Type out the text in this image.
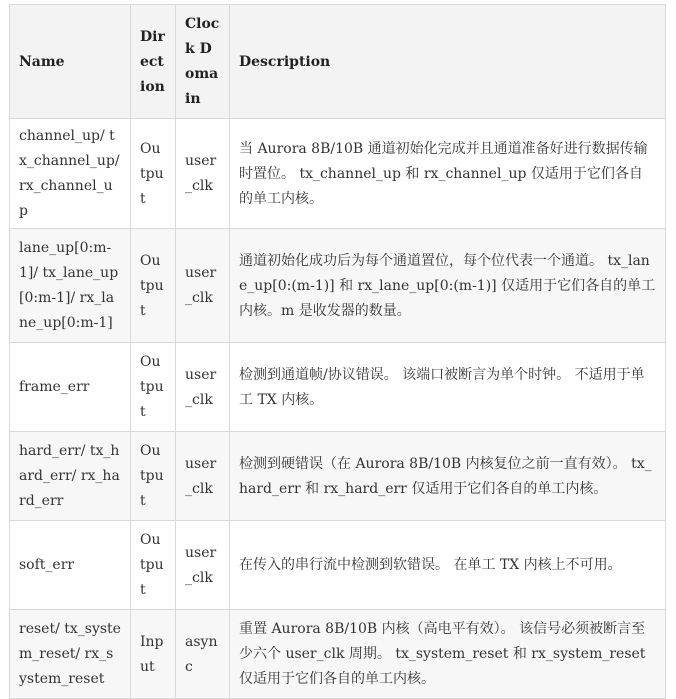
Name	Direction	Clock Domain	Description
channel_up/ tx_channel_up/ rx_channel_up	Output	user_clk	当 Aurora 8B/10B 通道初始化完成并且通道准备好进行数据传输时置位。 tx_channel_up 和 rx_channel_up 仅适用于它们各自的单工内核。
lane_up[0:m-1]/ tx_lane_up[0:m-1]/ rx_lane_up[0:m-1]	Output	user_clk	通道初始化成功后为每个通道置位，每个位代表一个通道。 tx_lane_up[0:(m-1)] 和 rx_lane_up[0:(m-1)] 仅适用于它们各自的单工内核。m 是收发器的数量。
frame_err	Output	user_clk	检测到通道帧/协议错误。 该端口被断言为单个时钟。 不适用于单工 TX 内核。
hard_err/ tx_hard_err/ rx_hard_err	Output	user_clk	检测到硬错误（在 Aurora 8B/10B 内核复位之前一直有效）。 tx_hard_err 和 rx_hard_err 仅适用于它们各自的单工内核。
soft_err	Output	user_clk	在传入的串行流中检测到软错误。 在单工 TX 内核上不可用。
reset/ tx_system_reset/ rx_system_reset	Input	async	重置 Aurora 8B/10B 内核（高电平有效）。 该信号必须被断言至少六个 user_clk 周期。 tx_system_reset 和 rx_system_reset 仅适用于它们各自的单工内核。
